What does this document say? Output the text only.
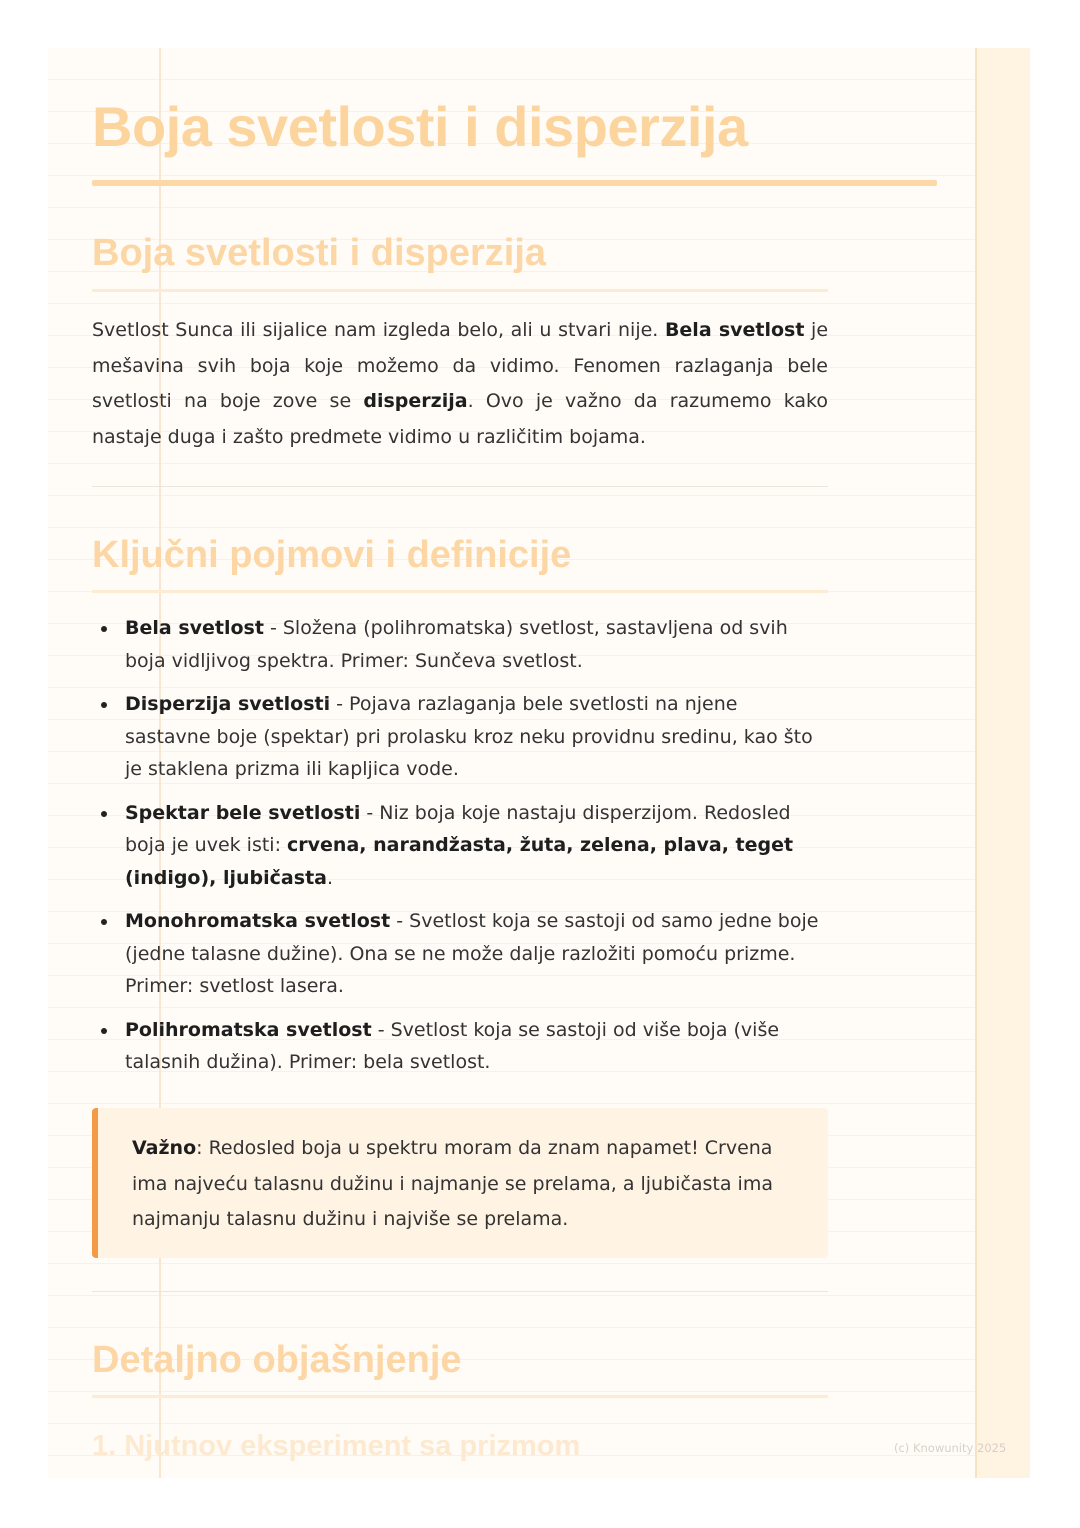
Boja svetlosti i disperzija
Boja svetlosti i disperzija

Svetlost Sunca ili sijalice nam izgleda belo, ali u stvari nije. Bela svetlost je mešavina svih boja koje možemo da vidimo. Fenomen razlaganja bele svetlosti na boje zove se disperzija. Ovo je važno da razumemo kako nastaje duga i zašto predmete vidimo u različitim bojama.

Ključni pojmovi i definicije
Bela svetlost - Složena (polihromatska) svetlost, sastavljena od svih boja vidljivog spektra. Primer: Sunčeva svetlost.
Disperzija svetlosti - Pojava razlaganja bele svetlosti na njene sastavne boje (spektar) pri prolasku kroz neku providnu sredinu, kao što je staklena prizma ili kapljica vode.
Spektar bele svetlosti - Niz boja koje nastaju disperzijom. Redosled boja je uvek isti: crvena, narandžasta, žuta, zelena, plava, teget (indigo), ljubičasta.
Monohromatska svetlost - Svetlost koja se sastoji od samo jedne boje (jedne talasne dužine). Ona se ne može dalje razložiti pomoću prizme. Primer: svetlost lasera.
Polihromatska svetlost - Svetlost koja se sastoji od više boja (više talasnih dužina). Primer: bela svetlost.
Važno: Redosled boja u spektru moram da znam napamet! Crvena ima najveću talasnu dužinu i najmanje se prelama, a ljubičasta ima najmanju talasnu dužinu i najviše se prelama.
Detaljno objašnjenje
1. Njutnov eksperiment sa prizmom	(c) Knowunity 2025
